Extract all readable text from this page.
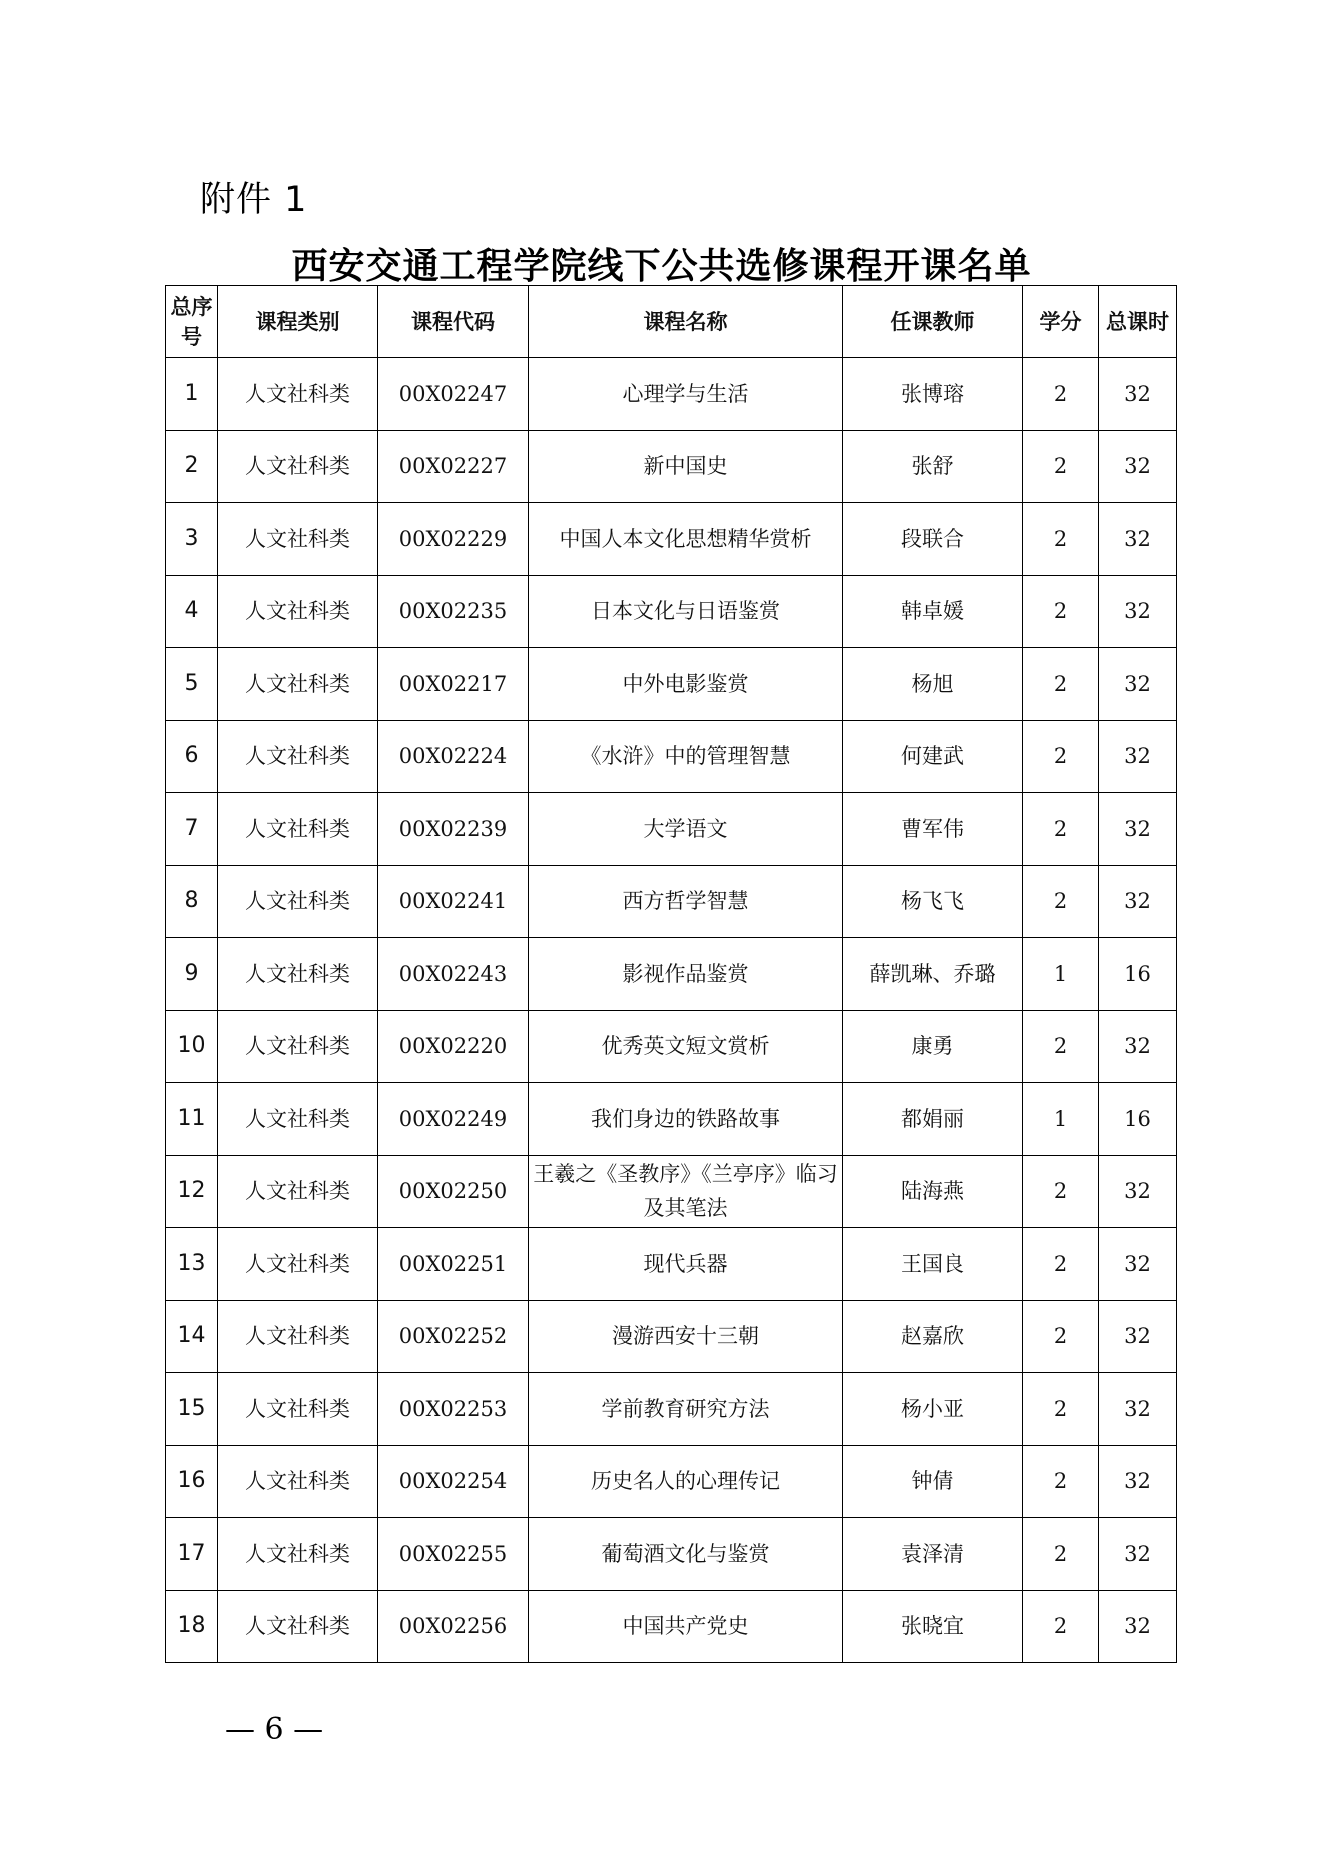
附件 1
西安交通工程学院线下公共选修课程开课名单
总序号	课程类别	课程代码	课程名称	任课教师	学分	总课时
1	人文社科类	00X02247	心理学与生活	张博瑢	2	32
2	人文社科类	00X02227	新中国史	张舒	2	32
3	人文社科类	00X02229	中国人本文化思想精华赏析	段联合	2	32
4	人文社科类	00X02235	日本文化与日语鉴赏	韩卓媛	2	32
5	人文社科类	00X02217	中外电影鉴赏	杨旭	2	32
6	人文社科类	00X02224	《水浒》中的管理智慧	何建武	2	32
7	人文社科类	00X02239	大学语文	曹军伟	2	32
8	人文社科类	00X02241	西方哲学智慧	杨飞飞	2	32
9	人文社科类	00X02243	影视作品鉴赏	薛凯琳、乔璐	1	16
10	人文社科类	00X02220	优秀英文短文赏析	康勇	2	32
11	人文社科类	00X02249	我们身边的铁路故事	都娟丽	1	16
12	人文社科类	00X02250	王羲之《圣教序》《兰亭序》临习及其笔法	陆海燕	2	32
13	人文社科类	00X02251	现代兵器	王国良	2	32
14	人文社科类	00X02252	漫游西安十三朝	赵嘉欣	2	32
15	人文社科类	00X02253	学前教育研究方法	杨小亚	2	32
16	人文社科类	00X02254	历史名人的心理传记	钟倩	2	32
17	人文社科类	00X02255	葡萄酒文化与鉴赏	袁泽清	2	32
18	人文社科类	00X02256	中国共产党史	张晓宜	2	32
— 6 —
